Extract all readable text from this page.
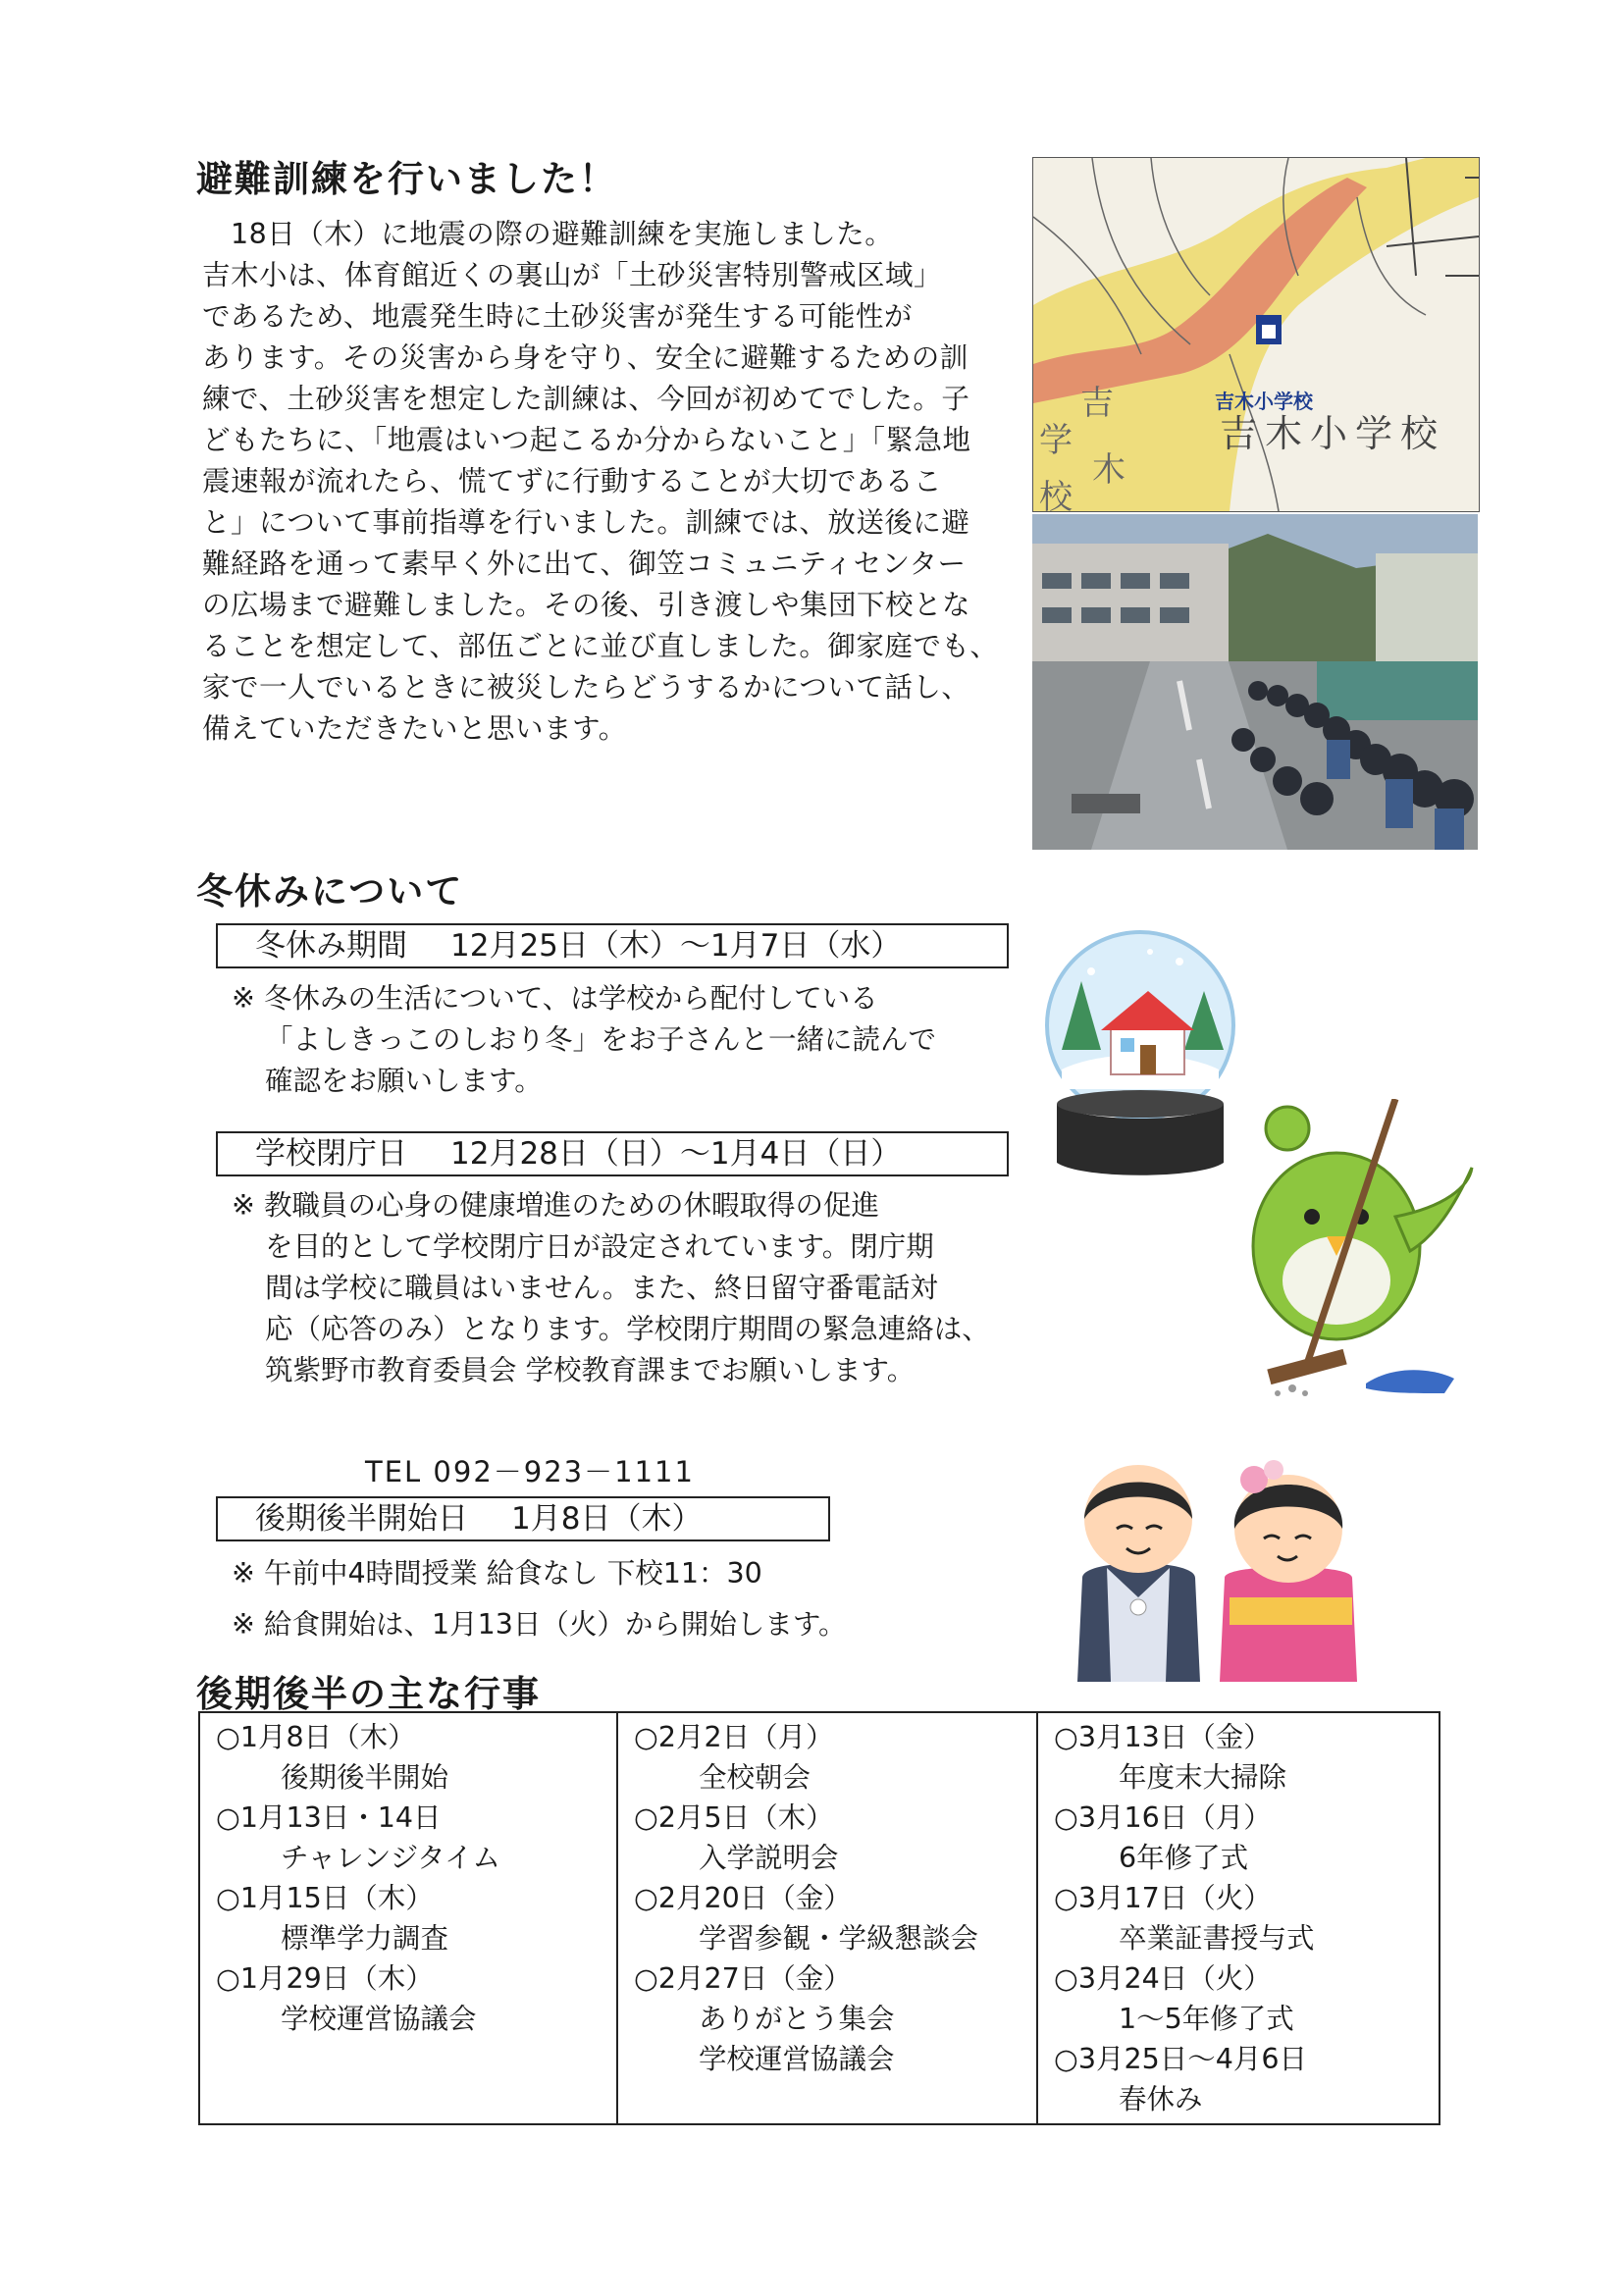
避難訓練を行いました！
　18日（木）に地震の際の避難訓練を実施しました。
吉木小は、体育館近くの裏山が「土砂災害特別警戒区域」
であるため、地震発生時に土砂災害が発生する可能性が
あります。その災害から身を守り、安全に避難するための訓
練で、土砂災害を想定した訓練は、今回が初めてでした。子
どもたちに、「地震はいつ起こるか分からないこと」「緊急地
震速報が流れたら、慌てずに行動することが大切であるこ
と」について事前指導を行いました。訓練では、放送後に避
難経路を通って素早く外に出て、御笠コミュニティセンター
の広場まで避難しました。その後、引き渡しや集団下校とな
ることを想定して、部伍ごとに並び直しました。御家庭でも、
家で一人でいるときに被災したらどうするかについて話し、
備えていただきたいと思います。
吉木小学校
吉木小学校
吉
学
木
校
冬休みについて
冬休み期間 12月25日（木）～1月7日（水）
※ 冬休みの生活について、は学校から配付している
「よしきっこのしおり冬」をお子さんと一緒に読んで
確認をお願いします。
学校閉庁日 12月28日（日）～1月4日（日）
※ 教職員の心身の健康増進のための休暇取得の促進
を目的として学校閉庁日が設定されています。閉庁期
間は学校に職員はいません。また、終日留守番電話対
応（応答のみ）となります。学校閉庁期間の緊急連絡は、
筑紫野市教育委員会 学校教育課までお願いします。
TEL 092－923－1111
後期後半開始日 1月8日（木）
※ 午前中4時間授業 給食なし 下校11：30
※ 給食開始は、1月13日（火）から開始します。
後期後半の主な行事
○1月8日（木）
後期後半開始
○1月13日・14日
チャレンジタイム
○1月15日（木）
標準学力調査
○1月29日（木）
学校運営協議会
○2月2日（月）
全校朝会
○2月5日（木）
入学説明会
○2月20日（金）
学習参観・学級懇談会
○2月27日（金）
ありがとう集会
学校運営協議会
○3月13日（金）
年度末大掃除
○3月16日（月）
6年修了式
○3月17日（火）
卒業証書授与式
○3月24日（火）
1～5年修了式
○3月25日～4月6日
春休み
